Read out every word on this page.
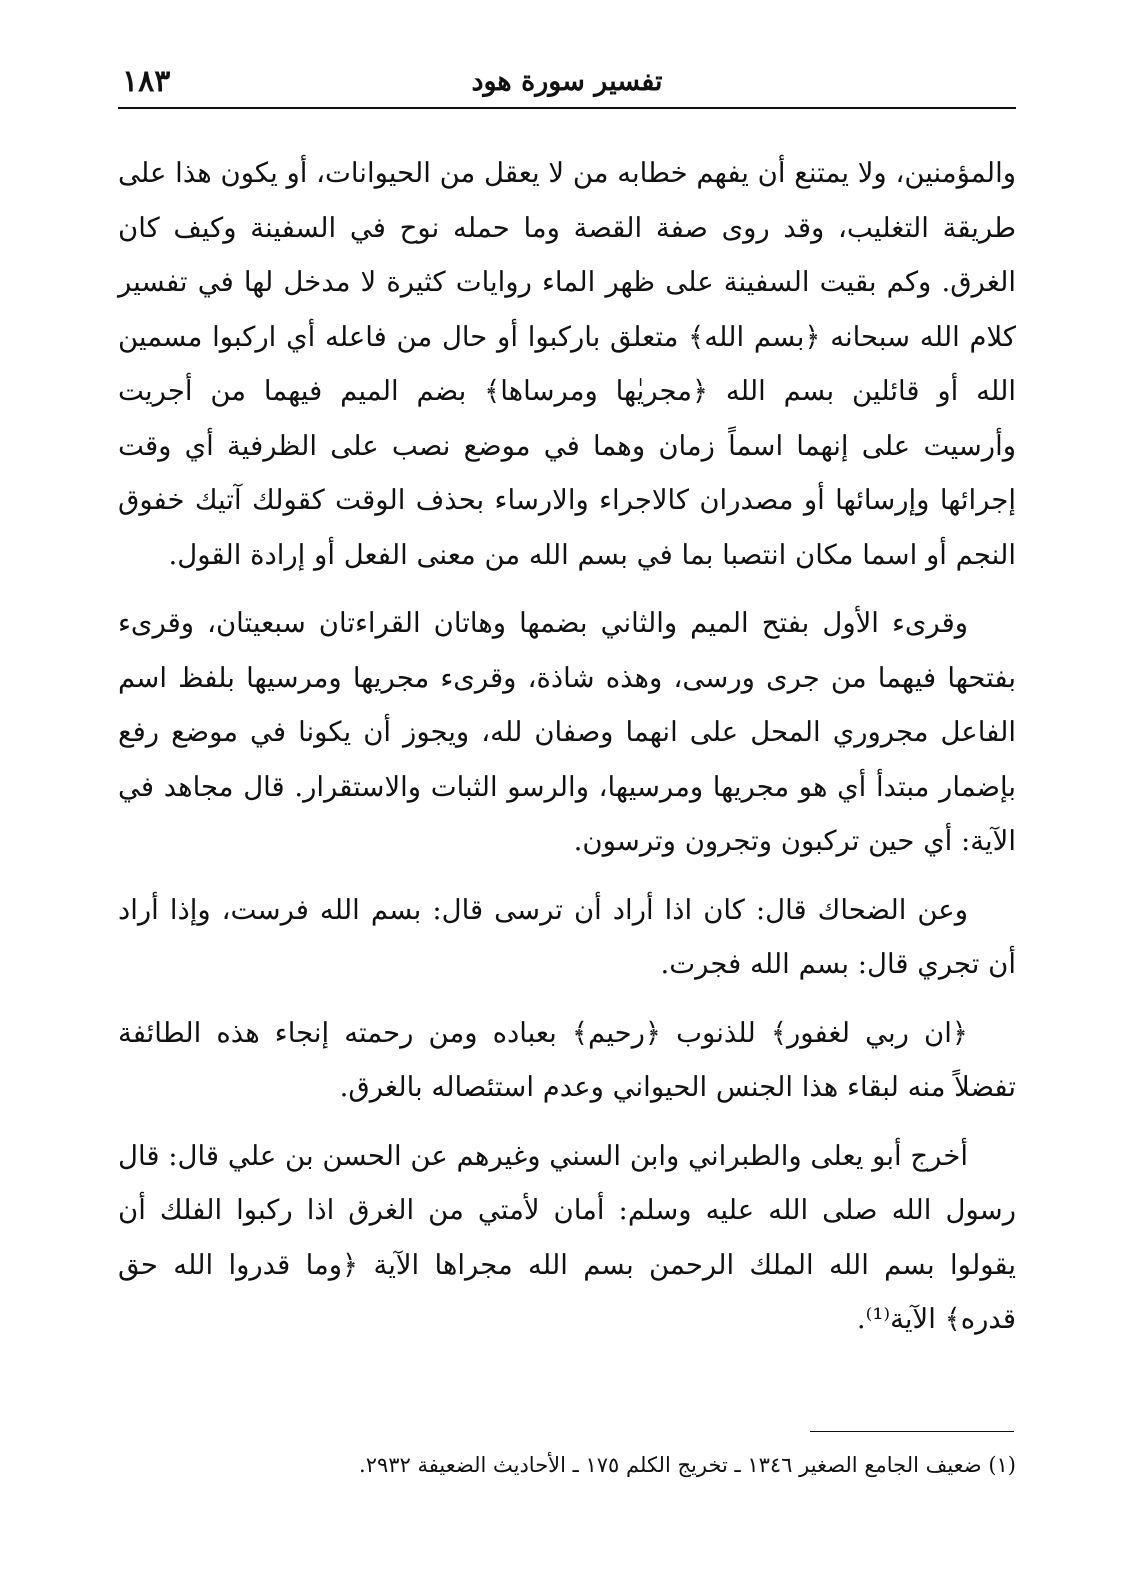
تفسير سورة هود
١٨٣

والمؤمنين، ولا يمتنع أن يفهم خطابه من لا يعقل من الحيوانات، أو يكون هذا على طريقة التغليب، وقد روى صفة القصة وما حمله نوح في السفينة وكيف كان الغرق. وكم بقيت السفينة على ظهر الماء روايات كثيرة لا مدخل لها في تفسير كلام الله سبحانه ﴿بسم الله﴾ متعلق باركبوا أو حال من فاعله أي اركبوا مسمين الله أو قائلين بسم الله ﴿مجريٰها ومرساها﴾ بضم الميم فيهما من أجريت وأرسيت على إنهما اسماً زمان وهما في موضع نصب على الظرفية أي وقت إجرائها وإرسائها أو مصدران كالاجراء والارساء بحذف الوقت كقولك آتيك خفوق النجم أو اسما مكان انتصبا بما في بسم الله من معنى الفعل أو إرادة القول.

وقرىء الأول بفتح الميم والثاني بضمها وهاتان القراءتان سبعيتان، وقرىء بفتحها فيهما من جرى ورسى، وهذه شاذة، وقرىء مجريها ومرسيها بلفظ اسم الفاعل مجروري المحل على انهما وصفان لله، ويجوز أن يكونا في موضع رفع بإضمار مبتدأ أي هو مجريها ومرسيها، والرسو الثبات والاستقرار. قال مجاهد في الآية: أي حين تركبون وتجرون وترسون.

وعن الضحاك قال: كان اذا أراد أن ترسى قال: بسم الله فرست، وإذا أراد أن تجري قال: بسم الله فجرت.

﴿ان ربي لغفور﴾ للذنوب ﴿رحيم﴾ بعباده ومن رحمته إنجاء هذه الطائفة تفضلاً منه لبقاء هذا الجنس الحيواني وعدم استئصاله بالغرق.

أخرج أبو يعلى والطبراني وابن السني وغيرهم عن الحسن بن علي قال: قال رسول الله صلى الله عليه وسلم: أمان لأمتي من الغرق اذا ركبوا الفلك أن يقولوا بسم الله الملك الرحمن بسم الله مجراها الآية ﴿وما قدروا الله حق قدره﴾ الآية⁽¹⁾.

(١) ضعيف الجامع الصغير ١٣٤٦ ـ تخريج الكلم ١٧٥ ـ الأحاديث الضعيفة ٢٩٣٢.
